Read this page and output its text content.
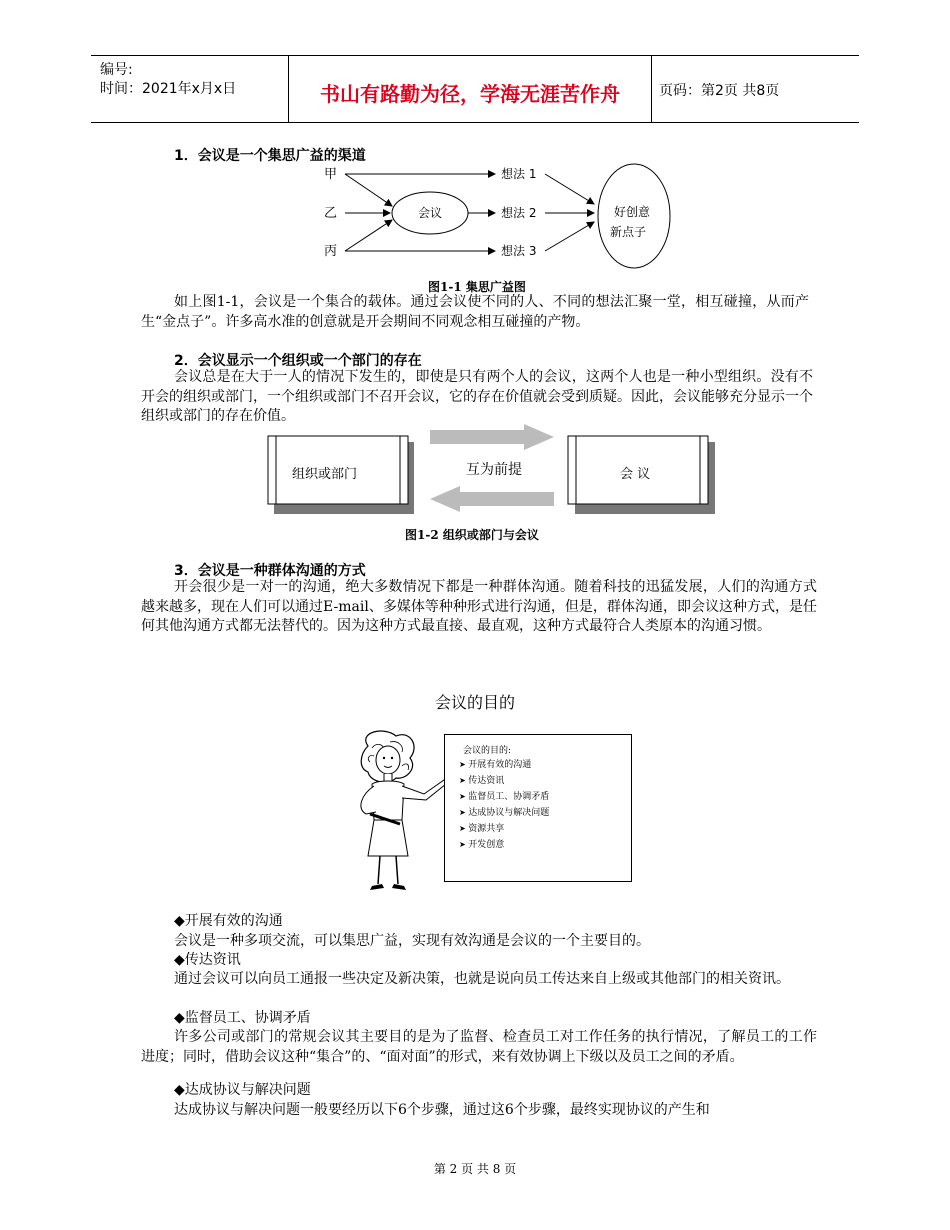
编号:
时间：2021年x月x日	书山有路勤为径，学海无涯苦作舟	页码：第2页 共8页
1．会议是一个集思广益的渠道
甲
乙
丙
会议
想法 1
想法 2
想法 3
好创意
新点子
图1-1 集思广益图
如上图1-1，会议是一个集合的载体。通过会议使不同的人、不同的想法汇聚一堂，相互碰撞，从而产生“金点子”。许多高水准的创意就是开会期间不同观念相互碰撞的产物。
2．会议显示一个组织或一个部门的存在
会议总是在大于一人的情况下发生的，即使是只有两个人的会议，这两个人也是一种小型组织。没有不开会的组织或部门，一个组织或部门不召开会议，它的存在价值就会受到质疑。因此，会议能够充分显示一个组织或部门的存在价值。
组织或部门	会 议
互为前提
图1-2 组织或部门与会议
3．会议是一种群体沟通的方式
开会很少是一对一的沟通，绝大多数情况下都是一种群体沟通。随着科技的迅猛发展，人们的沟通方式越来越多，现在人们可以通过E-mail、多媒体等种种形式进行沟通，但是，群体沟通，即会议这种方式，是任何其他沟通方式都无法替代的。因为这种方式最直接、最直观，这种方式最符合人类原本的沟通习惯。
会议的目的
会议的目的:
➤ 开展有效的沟通
➤ 传达资讯
➤ 监督员工、协调矛盾
➤ 达成协议与解决问题
➤ 资源共享
➤ 开发创意
◆开展有效的沟通
会议是一种多项交流，可以集思广益，实现有效沟通是会议的一个主要目的。
◆传达资讯
通过会议可以向员工通报一些决定及新决策，也就是说向员工传达来自上级或其他部门的相关资讯。
◆监督员工、协调矛盾
许多公司或部门的常规会议其主要目的是为了监督、检查员工对工作任务的执行情况，了解员工的工作进度；同时，借助会议这种“集合”的、“面对面”的形式，来有效协调上下级以及员工之间的矛盾。
◆达成协议与解决问题
达成协议与解决问题一般要经历以下6个步骤，通过这6个步骤，最终实现协议的产生和
第 2 页 共 8 页
